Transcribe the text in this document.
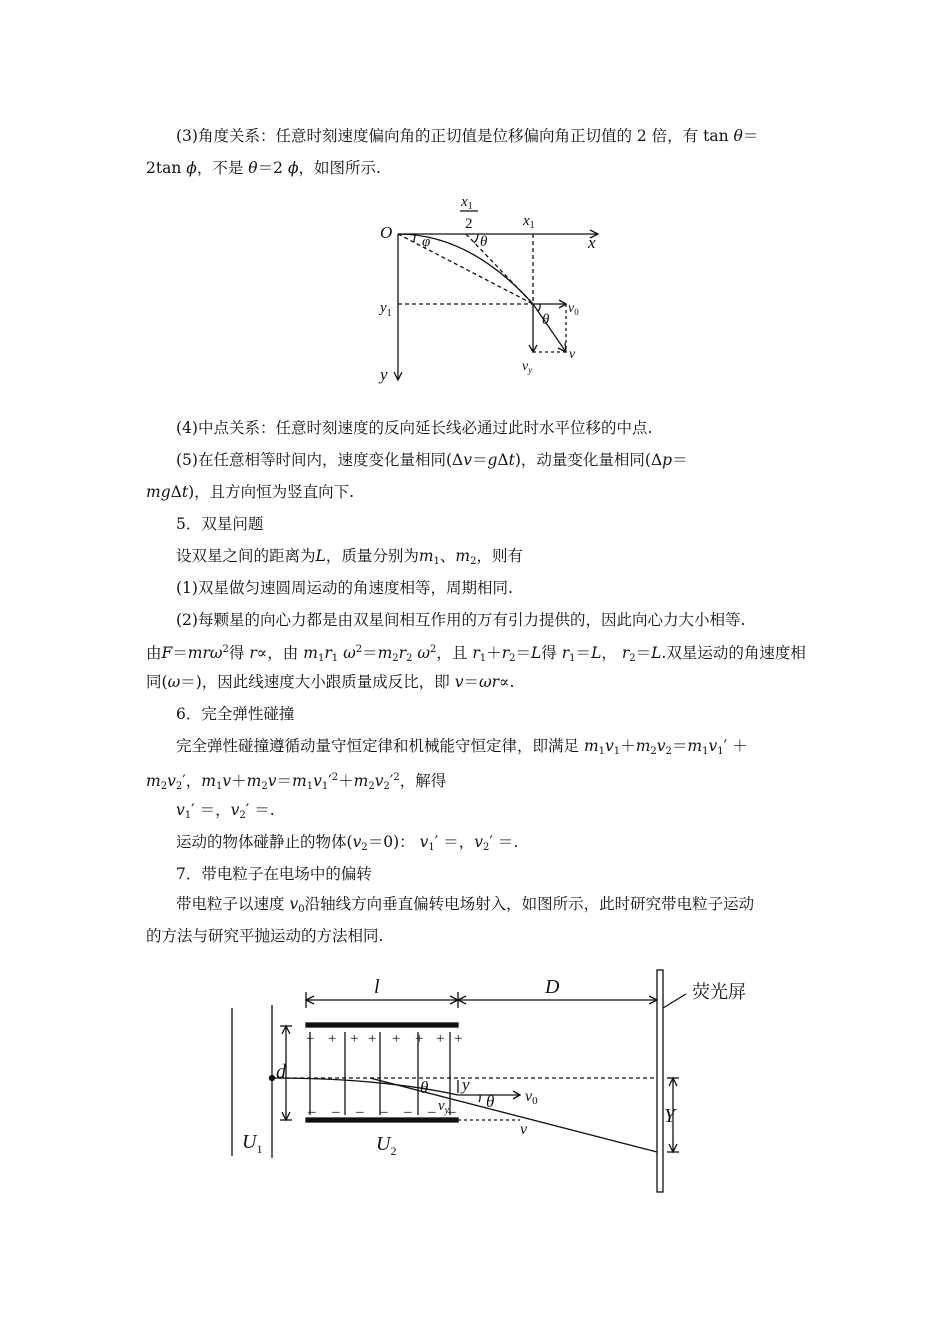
(3)角度关系：任意时刻速度偏向角的正切值是位移偏向角正切值的 2 倍，有 tan θ＝
2tan ϕ，不是 θ＝2 ϕ，如图所示.
O
$x_1$
2	$x_1$
x
$y_1$
y
φ	θ
θ
$v_0$
v
$v_y$
(4)中点关系：任意时刻速度的反向延长线必通过此时水平位移的中点.
(5)在任意相等时间内，速度变化量相同(Δv＝gΔt)，动量变化量相同(Δp＝
mgΔt)，且方向恒为竖直向下.
5．双星问题
设双星之间的距离为L，质量分别为$m_1$、$m_2$，则有
(1)双星做匀速圆周运动的角速度相等，周期相同.
(2)每颗星的向心力都是由双星间相互作用的万有引力提供的，因此向心力大小相等.
由F＝mrω$^2$得 r∝，由 $m_1r_1$ $\omega^2=m_2r_2$ $\omega^2$，且 $r_1+r_2=L$得 $r_1=L$， $r_2=L$.双星运动的角速度相
同(ω＝)，因此线速度大小跟质量成反比，即 v＝ωr∝.
6．完全弹性碰撞
完全弹性碰撞遵循动量守恒定律和机械能守恒定律，即满足 $m_1v_1+m_2v_2=m_1v_1'$ ＋
$m_2v_2'$，$m_1v+m_2v=m_1v_1'^2+m_2v_2'^2$，解得
$v_1'$ ＝，$v_2'$ ＝.
运动的物体碰静止的物体$(v_2=0)$： $v_1'$ ＝，$v_2'$ ＝.
7．带电粒子在电场中的偏转
带电粒子以速度 $v_0$沿轴线方向垂直偏转电场射入，如图所示，此时研究带电粒子运动
的方法与研究平抛运动的方法相同.
l	D	荧光屏
d
$U_1$	$U_2$
y
θ
θ
$v_y$
v0
v
Y
+ + + + + + + +
– – – – – – –
